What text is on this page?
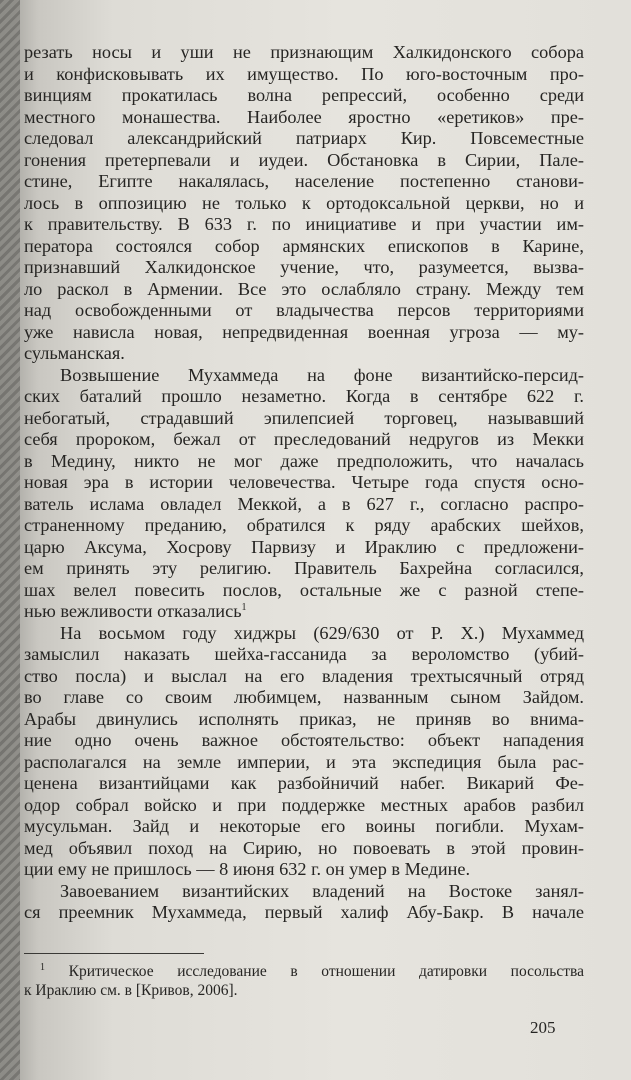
резать носы и уши не признающим Халкидонского собора
и конфисковывать их имущество. По юго-восточным про-
винциям прокатилась волна репрессий, особенно среди
местного монашества. Наиболее яростно «еретиков» пре-
следовал александрийский патриарх Кир. Повсеместные
гонения претерпевали и иудеи. Обстановка в Сирии, Пале-
стине, Египте накалялась, население постепенно станови-
лось в оппозицию не только к ортодоксальной церкви, но и
к правительству. В 633 г. по инициативе и при участии им-
ператора состоялся собор армянских епископов в Карине,
признавший Халкидонское учение, что, разумеется, вызва-
ло раскол в Армении. Все это ослабляло страну. Между тем
над освобожденными от владычества персов территориями
уже нависла новая, непредвиденная военная угроза — му-
сульманская.
Возвышение Мухаммеда на фоне византийско-персид-
ских баталий прошло незаметно. Когда в сентябре 622 г.
небогатый, страдавший эпилепсией торговец, называвший
себя пророком, бежал от преследований недругов из Мекки
в Медину, никто не мог даже предположить, что началась
новая эра в истории человечества. Четыре года спустя осно-
ватель ислама овладел Меккой, а в 627 г., согласно распро-
страненному преданию, обратился к ряду арабских шейхов,
царю Аксума, Хосрову Парвизу и Ираклию с предложени-
ем принять эту религию. Правитель Бахрейна согласился,
шах велел повесить послов, остальные же с разной степе-
нью вежливости отказались$^1$
На восьмом году хиджры (629/630 от Р. Х.) Мухаммед
замыслил наказать шейха-гассанида за вероломство (убий-
ство посла) и выслал на его владения трехтысячный отряд
во главе со своим любимцем, названным сыном Зайдом.
Арабы двинулись исполнять приказ, не приняв во внима-
ние одно очень важное обстоятельство: объект нападения
располагался на земле империи, и эта экспедиция была рас-
ценена византийцами как разбойничий набег. Викарий Фе-
одор собрал войско и при поддержке местных арабов разбил
мусульман. Зайд и некоторые его воины погибли. Мухам-
мед объявил поход на Сирию, но повоевать в этой провин-
ции ему не пришлось — 8 июня 632 г. он умер в Медине.
Завоеванием византийских владений на Востоке занял-
ся преемник Мухаммеда, первый халиф Абу-Бакр. В начале
$^1$ Критическое исследование в отношении датировки посольства
к Ираклию см. в [Кривов, 2006].
205
